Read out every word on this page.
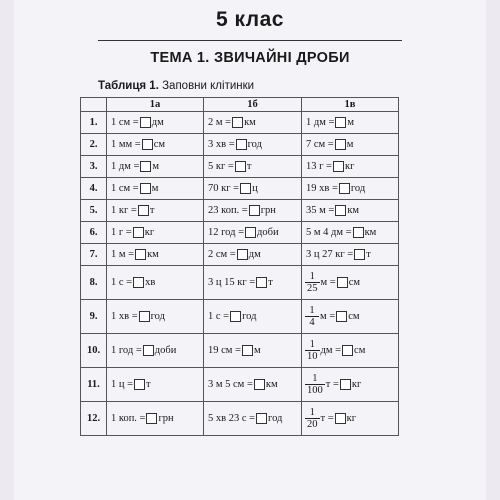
5 клас
ТЕМА 1. ЗВИЧАЙНІ ДРОБИ
Таблиця 1. Заповни клітинки
	1а	1б	1в
1.	1 см = дм	2 м = км	1 дм = м

2.	1 мм = см	3 хв = год	7 см = м

3.	1 дм = м	5 кг = т	13 г = кг

4.	1 см = м	70 кг = ц	19 хв = год

5.	1 кг = т	23 коп. = грн	35 м = км

6.	1 г = кг	12 год = доби	5 м 4 дм = км

7.	1 м = км	2 см = дм	3 ц 27 кг = т

8.	1 с = хв	3 ц 15 кг = т	$\frac{1}{25}$ м = см

9.	1 хв = год	1 с = год	$\frac{1}{4}$ м = см

10.	1 год = доби	19 см = м	$\frac{1}{10}$ дм = см

11.	1 ц = т	3 м 5 см = км	$\frac{1}{100}$ т = кг

12.	1 коп. = грн	5 хв 23 с = год	$\frac{1}{20}$ т = кг
